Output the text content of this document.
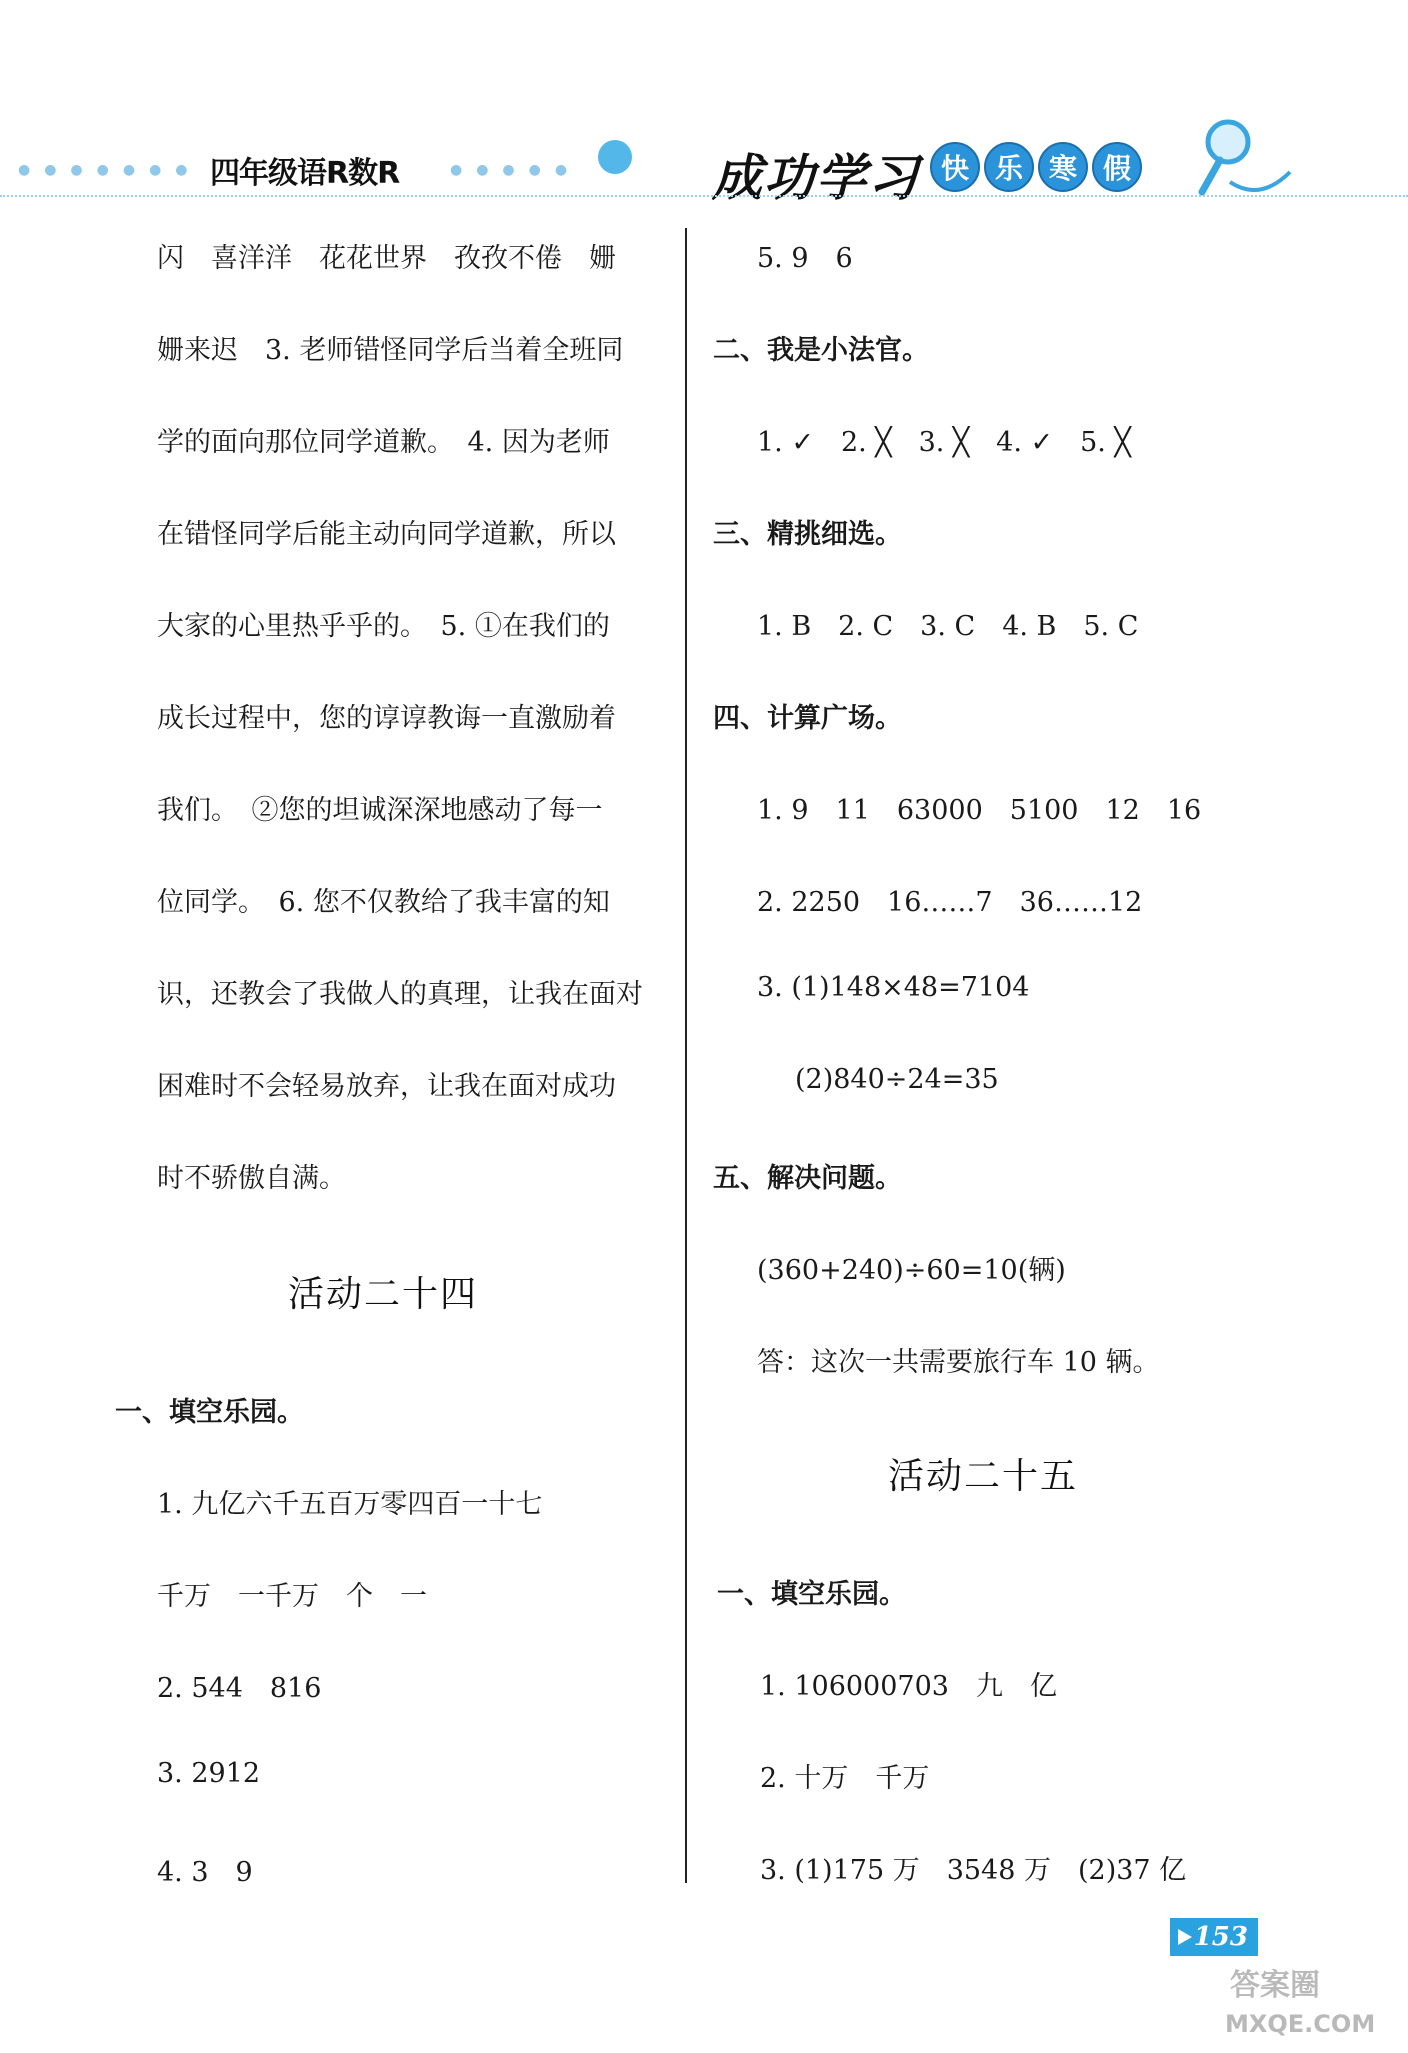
●●●●●●● 四年级语R数R	●●●●●	成功学习 快 乐 寒 假
闪　喜洋洋　花花世界　孜孜不倦　姗
姗来迟　3. 老师错怪同学后当着全班同
学的面向那位同学道歉。　4. 因为老师
在错怪同学后能主动向同学道歉，所以
大家的心里热乎乎的。　5. ①在我们的
成长过程中，您的谆谆教诲一直激励着
我们。　②您的坦诚深深地感动了每一
位同学。　6. 您不仅教给了我丰富的知
识，还教会了我做人的真理，让我在面对
困难时不会轻易放弃，让我在面对成功
时不骄傲自满。
活动二十四
一、填空乐园。
1. 九亿六千五百万零四百一十七
千万　一千万　个　一
2. 544　816
3. 2912
4. 3　9
5. 9　6
二、我是小法官。
1. ✓　2. ╳　3. ╳　4. ✓　5. ╳
三、精挑细选。
1. B　2. C　3. C　4. B　5. C
四、计算广场。
1. 9　11　63000　5100　12　16
2. 2250　16……7　36……12
3. (1)148×48=7104
(2)840÷24=35
五、解决问题。
(360+240)÷60=10(辆)
答：这次一共需要旅行车 10 辆。
活动二十五
一、填空乐园。
1. 106000703　九　亿
2. 十万　千万
3. (1)175 万　3548 万　(2)37 亿
153
答案圈
MXQE.COM
